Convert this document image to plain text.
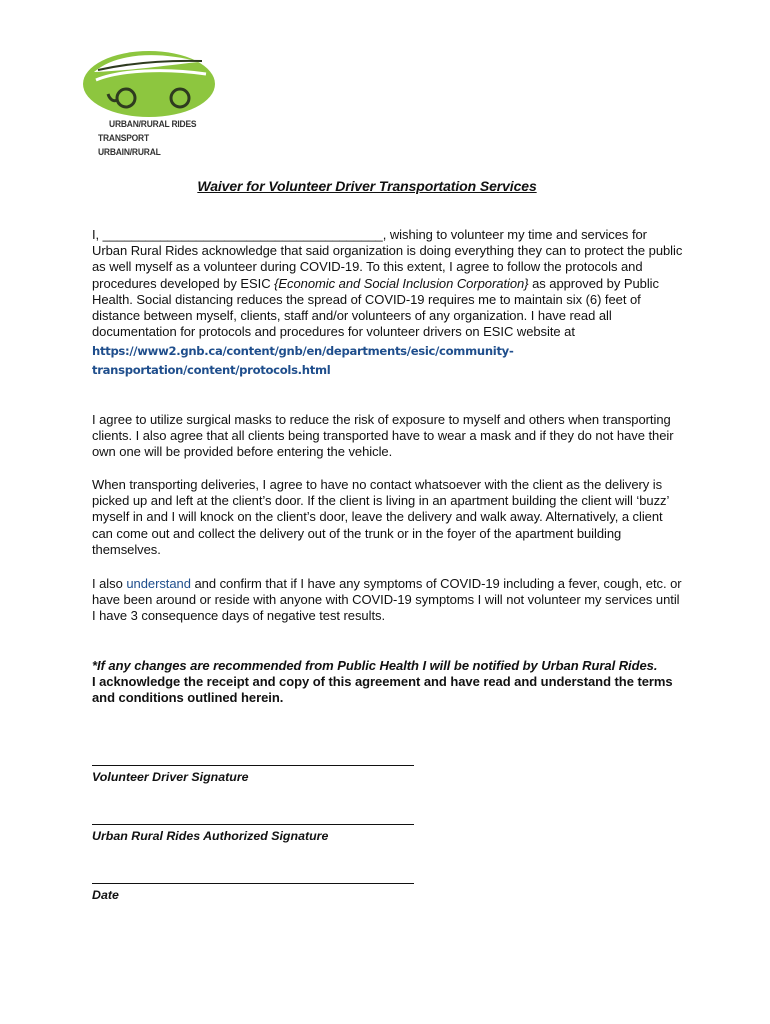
URBAN/RURAL RIDES
TRANSPORT URBAIN/RURAL
Waiver for Volunteer Driver Transportation Services
I, _______________________________________, wishing to volunteer my time and services for Urban Rural Rides acknowledge that said organization is doing everything they can to protect the public as well myself as a volunteer during COVID-19. To this extent, I agree to follow the protocols and procedures developed by ESIC {Economic and Social Inclusion Corporation} as approved by Public Health. Social distancing reduces the spread of COVID-19 requires me to maintain six (6) feet of distance between myself, clients, staff and/or volunteers of any organization. I have read all documentation for protocols and procedures for volunteer drivers on ESIC website at
https://www2.gnb.ca/content/gnb/en/departments/esic/community-transportation/content/protocols.html
I agree to utilize surgical masks to reduce the risk of exposure to myself and others when transporting clients. I also agree that all clients being transported have to wear a mask and if they do not have their own one will be provided before entering the vehicle.
When transporting deliveries, I agree to have no contact whatsoever with the client as the delivery is picked up and left at the client’s door. If the client is living in an apartment building the client will ‘buzz’ myself in and I will knock on the client’s door, leave the delivery and walk away. Alternatively, a client can come out and collect the delivery out of the trunk or in the foyer of the apartment building themselves.
I also understand and confirm that if I have any symptoms of COVID-19 including a fever, cough, etc. or have been around or reside with anyone with COVID-19 symptoms I will not volunteer my services until I have 3 consequence days of negative test results.
*If any changes are recommended from Public Health I will be notified by Urban Rural Rides.
I acknowledge the receipt and copy of this agreement and have read and understand the terms and conditions outlined herein.
Volunteer Driver Signature
Urban Rural Rides Authorized Signature
Date
